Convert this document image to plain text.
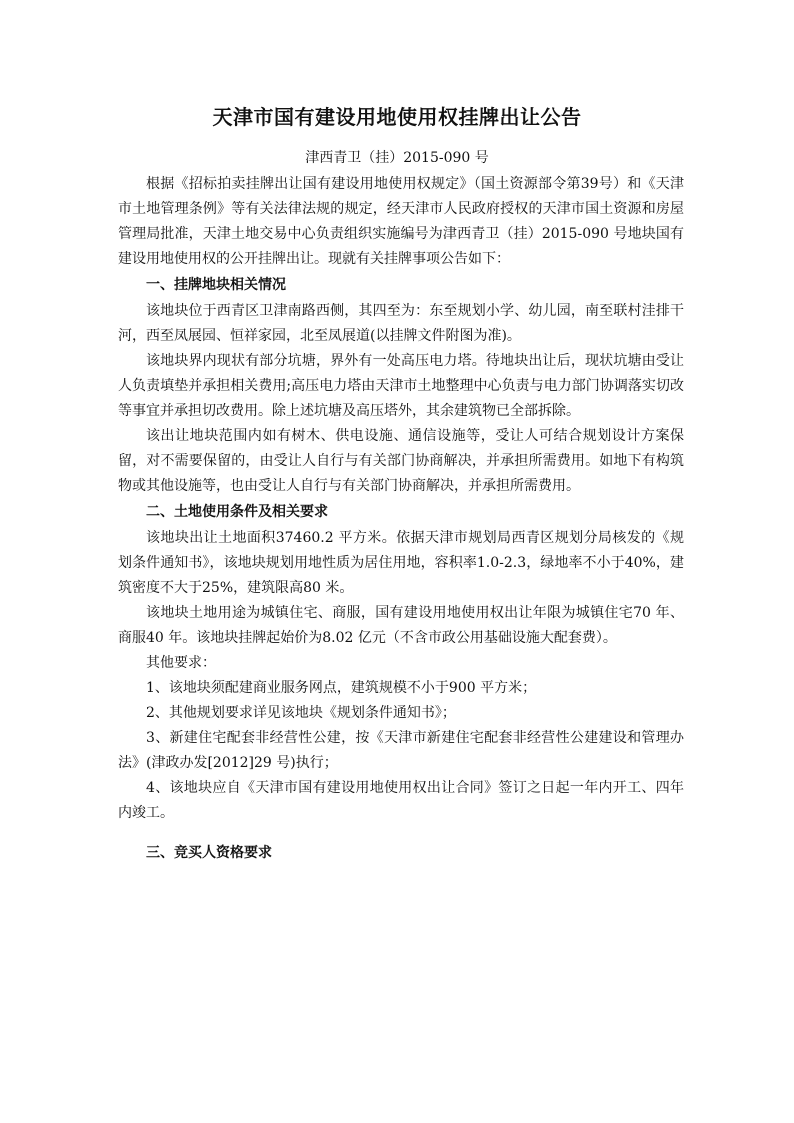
天津市国有建设用地使用权挂牌出让公告
津西青卫（挂）2015-090 号

根据《招标拍卖挂牌出让国有建设用地使用权规定》（国土资源部令第39号）和《天津市土地管理条例》等有关法律法规的规定，经天津市人民政府授权的天津市国土资源和房屋管理局批准，天津土地交易中心负责组织实施编号为津西青卫（挂）2015-090 号地块国有建设用地使用权的公开挂牌出让。现就有关挂牌事项公告如下：

一、挂牌地块相关情况

该地块位于西青区卫津南路西侧，其四至为：东至规划小学、幼儿园，南至联村洼排干河，西至凤展园、恒祥家园，北至凤展道(以挂牌文件附图为准)。

该地块界内现状有部分坑塘，界外有一处高压电力塔。待地块出让后，现状坑塘由受让人负责填垫并承担相关费用;高压电力塔由天津市土地整理中心负责与电力部门协调落实切改等事宜并承担切改费用。除上述坑塘及高压塔外，其余建筑物已全部拆除。

该出让地块范围内如有树木、供电设施、通信设施等，受让人可结合规划设计方案保留，对不需要保留的，由受让人自行与有关部门协商解决，并承担所需费用。如地下有构筑物或其他设施等，也由受让人自行与有关部门协商解决，并承担所需费用。

二、土地使用条件及相关要求

该地块出让土地面积37460.2 平方米。依据天津市规划局西青区规划分局核发的《规划条件通知书》，该地块规划用地性质为居住用地，容积率1.0-2.3，绿地率不小于40%，建筑密度不大于25%，建筑限高80 米。

该地块土地用途为城镇住宅、商服，国有建设用地使用权出让年限为城镇住宅70 年、商服40 年。该地块挂牌起始价为8.02 亿元（不含市政公用基础设施大配套费）。

其他要求：

1、该地块须配建商业服务网点，建筑规模不小于900 平方米；

2、其他规划要求详见该地块《规划条件通知书》；

3、新建住宅配套非经营性公建，按《天津市新建住宅配套非经营性公建建设和管理办法》(津政办发[2012]29 号)执行；

4、该地块应自《天津市国有建设用地使用权出让合同》签订之日起一年内开工、四年内竣工。

三、竞买人资格要求
